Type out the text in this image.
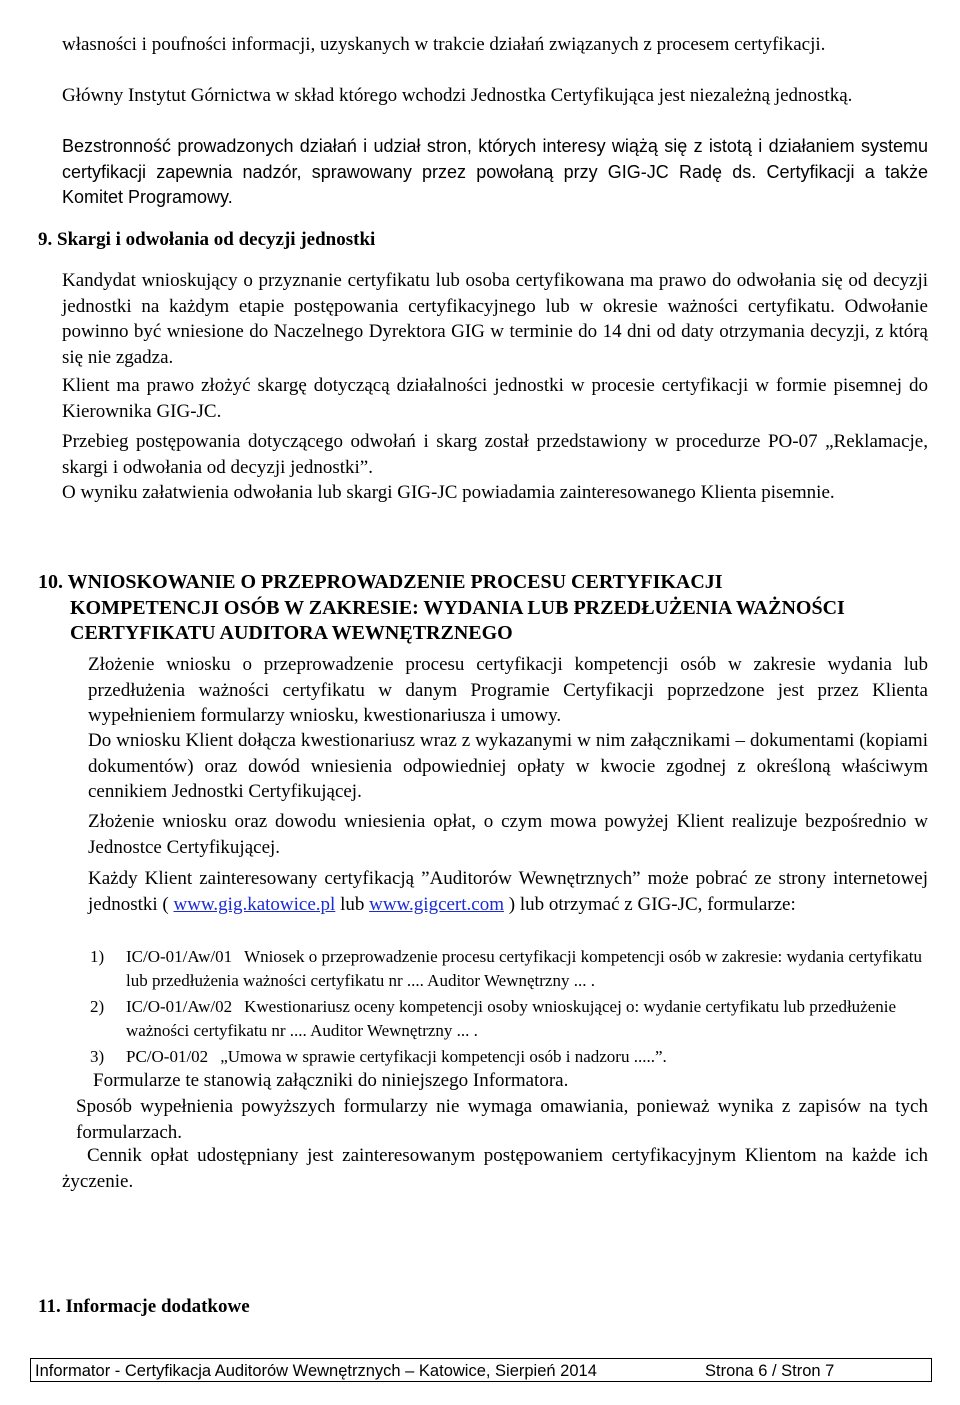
własności i poufności informacji, uzyskanych w trakcie działań związanych z procesem certyfikacji.

Główny Instytut Górnictwa w skład którego wchodzi Jednostka Certyfikująca jest niezależną jednostką.

Bezstronność prowadzonych działań i udział stron, których interesy wiążą się z istotą i działaniem systemu certyfikacji zapewnia nadzór, sprawowany przez powołaną przy GIG-JC Radę ds. Certyfikacji a także Komitet Programowy.

9. Skargi i odwołania od decyzji jednostki

Kandydat wnioskujący o przyznanie certyfikatu lub osoba certyfikowana ma prawo do odwołania się od decyzji jednostki na każdym etapie postępowania certyfikacyjnego lub w okresie ważności certyfikatu. Odwołanie powinno być wniesione do Naczelnego Dyrektora GIG w terminie do 14 dni od daty otrzymania decyzji, z którą się nie zgadza.

Klient ma prawo złożyć skargę dotyczącą działalności jednostki w procesie certyfikacji w formie pisemnej do Kierownika GIG-JC.

Przebieg postępowania dotyczącego odwołań i skarg został przedstawiony w procedurze PO-07 „Reklamacje, skargi i odwołania od decyzji jednostki”.

O wyniku załatwienia odwołania lub skargi GIG-JC powiadamia zainteresowanego Klienta pisemnie.

10. WNIOSKOWANIE O PRZEPROWADZENIE PROCESU CERTYFIKACJI
KOMPETENCJI OSÓB W ZAKRESIE: WYDANIA LUB PRZEDŁUŻENIA WAŻNOŚCI
CERTYFIKATU AUDITORA WEWNĘTRZNEGO

Złożenie wniosku o przeprowadzenie procesu certyfikacji kompetencji osób w zakresie wydania lub przedłużenia ważności certyfikatu w danym Programie Certyfikacji poprzedzone jest przez Klienta wypełnieniem formularzy wniosku, kwestionariusza i umowy.

Do wniosku Klient dołącza kwestionariusz wraz z wykazanymi w nim załącznikami – dokumentami (kopiami dokumentów) oraz dowód wniesienia odpowiedniej opłaty w kwocie zgodnej z określoną właściwym cennikiem Jednostki Certyfikującej.

Złożenie wniosku oraz dowodu wniesienia opłat, o czym mowa powyżej Klient realizuje bezpośrednio w Jednostce Certyfikującej.

Każdy Klient zainteresowany certyfikacją ”Auditorów Wewnętrznych” może pobrać ze strony internetowej jednostki ( www.gig.katowice.pl lub www.gigcert.com ) lub otrzymać z GIG-JC, formularze:

1)	IC/O-01/Aw/01 Wniosek o przeprowadzenie procesu certyfikacji kompetencji osób w zakresie: wydania certyfikatu lub przedłużenia ważności certyfikatu nr .... Auditor Wewnętrzny ... .
2)	IC/O-01/Aw/02 Kwestionariusz oceny kompetencji osoby wnioskującej o: wydanie certyfikatu lub przedłużenie ważności certyfikatu nr .... Auditor Wewnętrzny ... .
3)	PC/O-01/02 „Umowa w sprawie certyfikacji kompetencji osób i nadzoru .....”.

Formularze te stanowią załączniki do niniejszego Informatora.

Sposób wypełnienia powyższych formularzy nie wymaga omawiania, ponieważ wynika z zapisów na tych formularzach.

Cennik opłat udostępniany jest zainteresowanym postępowaniem certyfikacyjnym Klientom na każde ich życzenie.

11. Informacje dodatkowe
Informator - Certyfikacja Auditorów Wewnętrznych – Katowice, Sierpień 2014	Strona 6 / Stron 7
